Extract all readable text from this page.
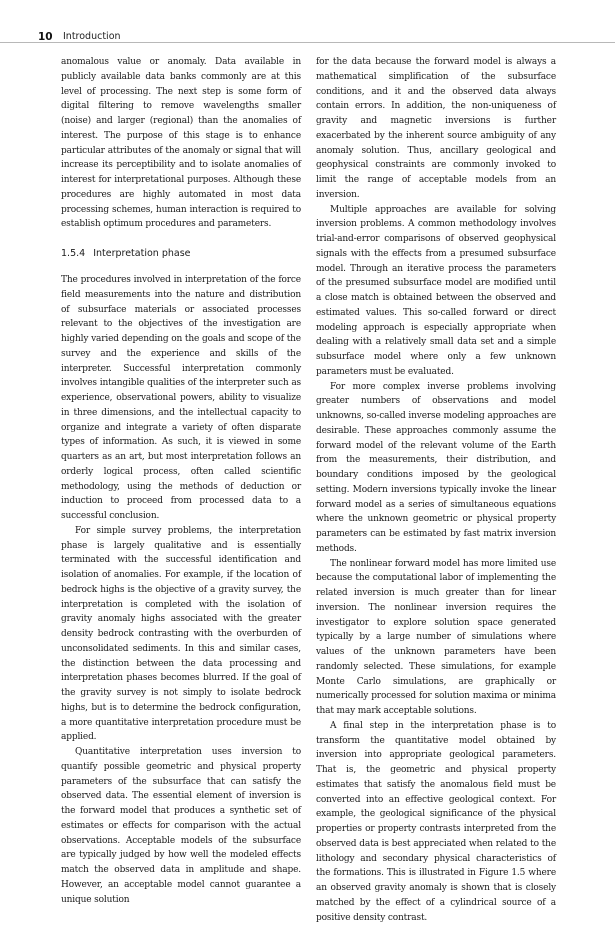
10 Introduction

anomalous value or anomaly. Data available in publicly available data banks commonly are at this level of processing. The next step is some form of digital filtering to remove wavelengths smaller (noise) and larger (regional) than the anomalies of interest. The purpose of this stage is to enhance particular attributes of the anomaly or signal that will increase its perceptibility and to isolate anomalies of interest for interpretational purposes. Although these procedures are highly automated in most data processing schemes, human interaction is required to establish optimum procedures and parameters.

1.5.4 Interpretation phase

The procedures involved in interpretation of the force field measurements into the nature and distribution of subsurface materials or associated processes relevant to the objectives of the investigation are highly varied depending on the goals and scope of the survey and the experience and skills of the interpreter. Successful interpretation commonly involves intangible qualities of the interpreter such as experience, observational powers, ability to visualize in three dimensions, and the intellectual capacity to organize and integrate a variety of often disparate types of information. As such, it is viewed in some quarters as an art, but most interpretation follows an orderly logical process, often called scientific methodology, using the methods of deduction or induction to proceed from processed data to a successful conclusion.

For simple survey problems, the interpretation phase is largely qualitative and is essentially terminated with the successful identification and isolation of anomalies. For example, if the location of bedrock highs is the objective of a gravity survey, the interpretation is completed with the isolation of gravity anomaly highs associated with the greater density bedrock contrasting with the overburden of unconsolidated sediments. In this and similar cases, the distinction between the data processing and interpretation phases becomes blurred. If the goal of the gravity survey is not simply to isolate bedrock highs, but is to determine the bedrock configuration, a more quantitative interpretation procedure must be applied.

Quantitative interpretation uses inversion to quantify possible geometric and physical property parameters of the subsurface that can satisfy the observed data. The essential element of inversion is the forward model that produces a synthetic set of estimates or effects for comparison with the actual observations. Acceptable models of the subsurface are typically judged by how well the modeled effects match the observed data in amplitude and shape. However, an acceptable model cannot guarantee a unique solution

for the data because the forward model is always a mathematical simplification of the subsurface conditions, and it and the observed data always contain errors. In addition, the non-uniqueness of gravity and magnetic inversions is further exacerbated by the inherent source ambiguity of any anomaly solution. Thus, ancillary geological and geophysical constraints are commonly invoked to limit the range of acceptable models from an inversion.

Multiple approaches are available for solving inversion problems. A common methodology involves trial-and-error comparisons of observed geophysical signals with the effects from a presumed subsurface model. Through an iterative process the parameters of the presumed subsurface model are modified until a close match is obtained between the observed and estimated values. This so-called forward or direct modeling approach is especially appropriate when dealing with a relatively small data set and a simple subsurface model where only a few unknown parameters must be evaluated.

For more complex inverse problems involving greater numbers of observations and model unknowns, so-called inverse modeling approaches are desirable. These approaches commonly assume the forward model of the relevant volume of the Earth from the measurements, their distribution, and boundary conditions imposed by the geological setting. Modern inversions typically invoke the linear forward model as a series of simultaneous equations where the unknown geometric or physical property parameters can be estimated by fast matrix inversion methods.

The nonlinear forward model has more limited use because the computational labor of implementing the related inversion is much greater than for linear inversion. The nonlinear inversion requires the investigator to explore solution space generated typically by a large number of simulations where values of the unknown parameters have been randomly selected. These simulations, for example Monte Carlo simulations, are graphically or numerically processed for solution maxima or minima that may mark acceptable solutions.

A final step in the interpretation phase is to transform the quantitative model obtained by inversion into appropriate geological parameters. That is, the geometric and physical property estimates that satisfy the anomalous field must be converted into an effective geological context. For example, the geological significance of the physical properties or property contrasts interpreted from the observed data is best appreciated when related to the lithology and secondary physical characteristics of the formations. This is illustrated in Figure 1.5 where an observed gravity anomaly is shown that is closely matched by the effect of a cylindrical source of a positive density contrast.
